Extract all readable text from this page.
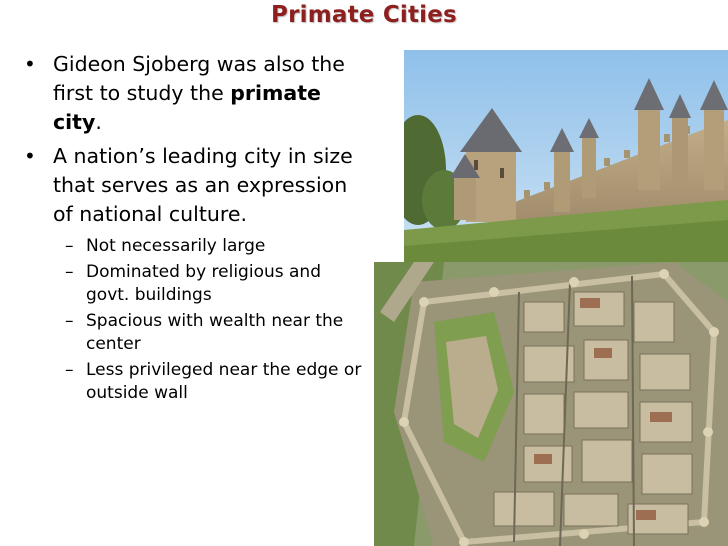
Primate Cities
• Gideon Sjoberg was also the first to study the primate city.
• A nation’s leading city in size that serves as an expression of national culture.
– Not necessarily large
– Dominated by religious and govt. buildings
– Spacious with wealth near the center
– Less privileged near the edge or outside wall
